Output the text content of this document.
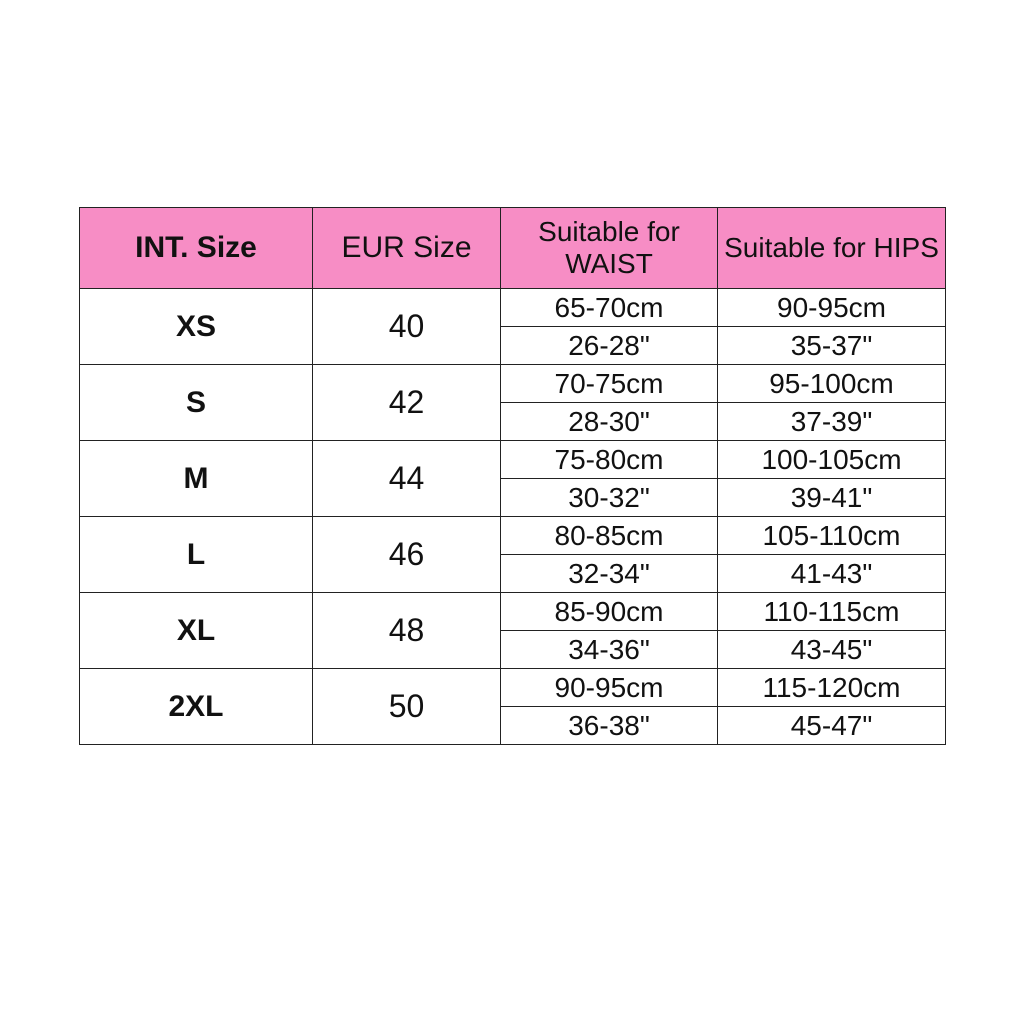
INT. Size	EUR Size	Suitable for WAIST	Suitable for HIPS
XS	40	65-70cm	90-95cm
		26-28"	35-37"
S	42	70-75cm	95-100cm
		28-30"	37-39"
M	44	75-80cm	100-105cm
		30-32"	39-41"
L	46	80-85cm	105-110cm
		32-34"	41-43"
XL	48	85-90cm	110-115cm
		34-36"	43-45"
2XL	50	90-95cm	115-120cm
		36-38"	45-47"
